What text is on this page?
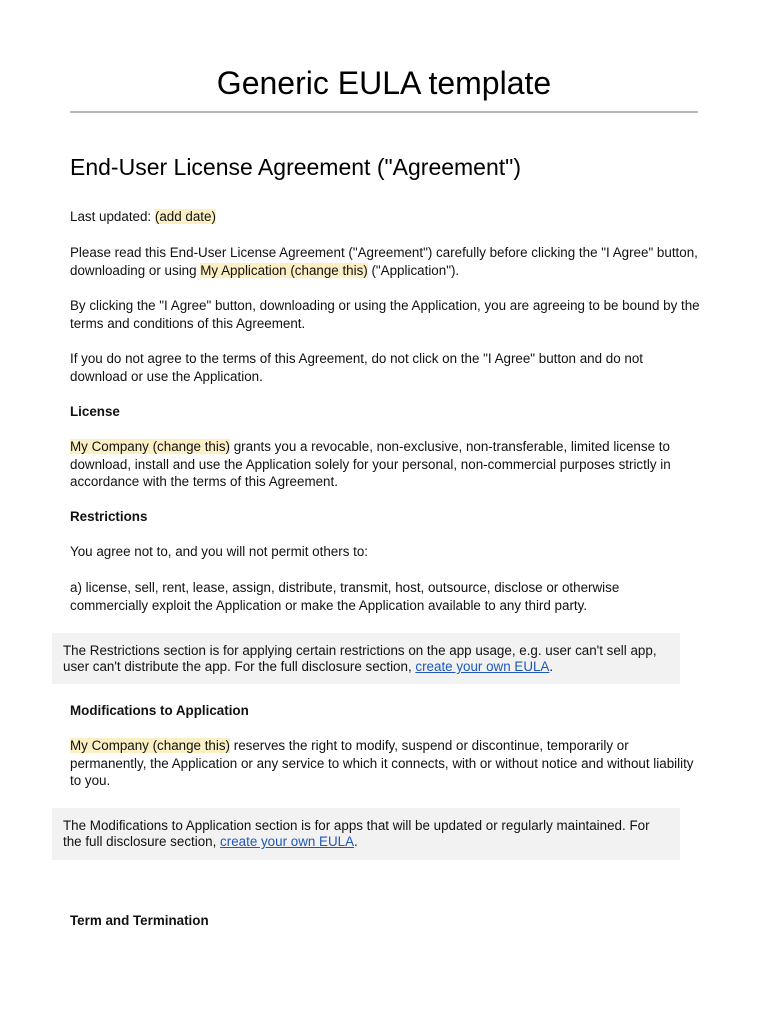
Generic EULA template
End-User License Agreement ("Agreement")
Last updated: (add date)
Please read this End-User License Agreement ("Agreement") carefully before clicking the "I Agree" button, downloading or using My Application (change this) ("Application").
By clicking the "I Agree" button, downloading or using the Application, you are agreeing to be bound by the terms and conditions of this Agreement.
If you do not agree to the terms of this Agreement, do not click on the "I Agree" button and do not download or use the Application.
License
My Company (change this) grants you a revocable, non-exclusive, non-transferable, limited license to download, install and use the Application solely for your personal, non-commercial purposes strictly in accordance with the terms of this Agreement.
Restrictions
You agree not to, and you will not permit others to:
a) license, sell, rent, lease, assign, distribute, transmit, host, outsource, disclose or otherwise commercially exploit the Application or make the Application available to any third party.
The Restrictions section is for applying certain restrictions on the app usage, e.g. user can't sell app, user can't distribute the app. For the full disclosure section, create your own EULA.
Modifications to Application
My Company (change this) reserves the right to modify, suspend or discontinue, temporarily or permanently, the Application or any service to which it connects, with or without notice and without liability to you.
The Modifications to Application section is for apps that will be updated or regularly maintained. For the full disclosure section, create your own EULA.
Term and Termination
